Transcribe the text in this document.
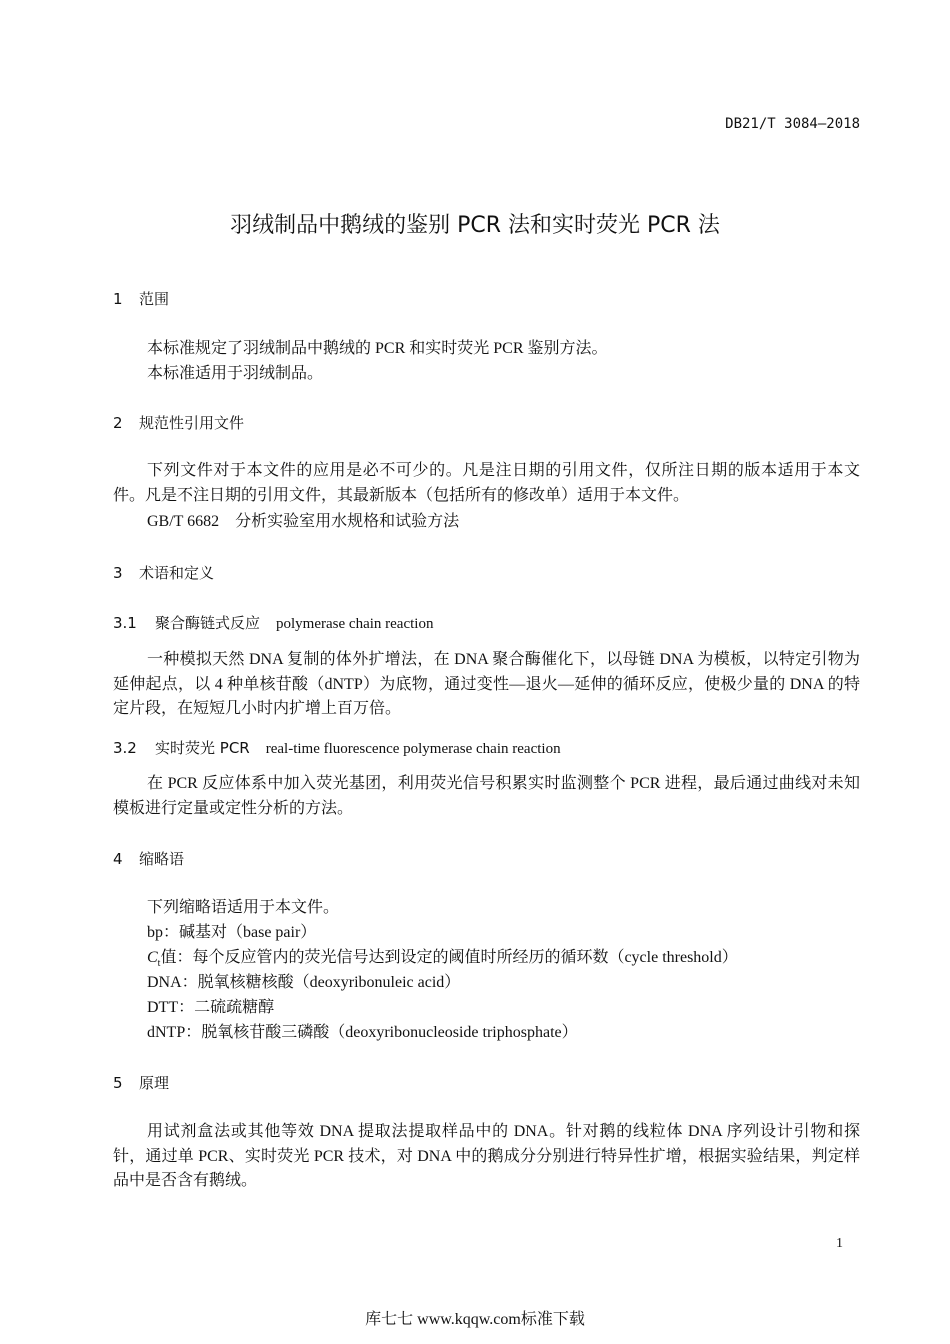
DB21/T 3084—2018
羽绒制品中鹅绒的鉴别 PCR 法和实时荧光 PCR 法
1 范围
本标准规定了羽绒制品中鹅绒的 PCR 和实时荧光 PCR 鉴别方法。
本标准适用于羽绒制品。
2 规范性引用文件
下列文件对于本文件的应用是必不可少的。凡是注日期的引用文件，仅所注日期的版本适用于本文件。凡是不注日期的引用文件，其最新版本（包括所有的修改单）适用于本文件。
GB/T 6682　分析实验室用水规格和试验方法
3 术语和定义
3.1 聚合酶链式反应 polymerase chain reaction
一种模拟天然 DNA 复制的体外扩增法，在 DNA 聚合酶催化下，以母链 DNA 为模板，以特定引物为延伸起点，以 4 种单核苷酸（dNTP）为底物，通过变性—退火—延伸的循环反应，使极少量的 DNA 的特定片段，在短短几小时内扩增上百万倍。
3.2 实时荧光 PCR real-time fluorescence polymerase chain reaction
在 PCR 反应体系中加入荧光基团，利用荧光信号积累实时监测整个 PCR 进程，最后通过曲线对未知模板进行定量或定性分析的方法。
4 缩略语
下列缩略语适用于本文件。
bp：碱基对（base pair）
$C_t$值：每个反应管内的荧光信号达到设定的阈值时所经历的循环数（cycle threshold）
DNA：脱氧核糖核酸（deoxyribonuleic acid）
DTT：二硫疏糖醇
dNTP：脱氧核苷酸三磷酸（deoxyribonucleoside triphosphate）
5 原理
用试剂盒法或其他等效 DNA 提取法提取样品中的 DNA。针对鹅的线粒体 DNA 序列设计引物和探针，通过单 PCR、实时荧光 PCR 技术，对 DNA 中的鹅成分分别进行特异性扩增，根据实验结果，判定样品中是否含有鹅绒。
1
库七七 www.kqqw.com标准下载
